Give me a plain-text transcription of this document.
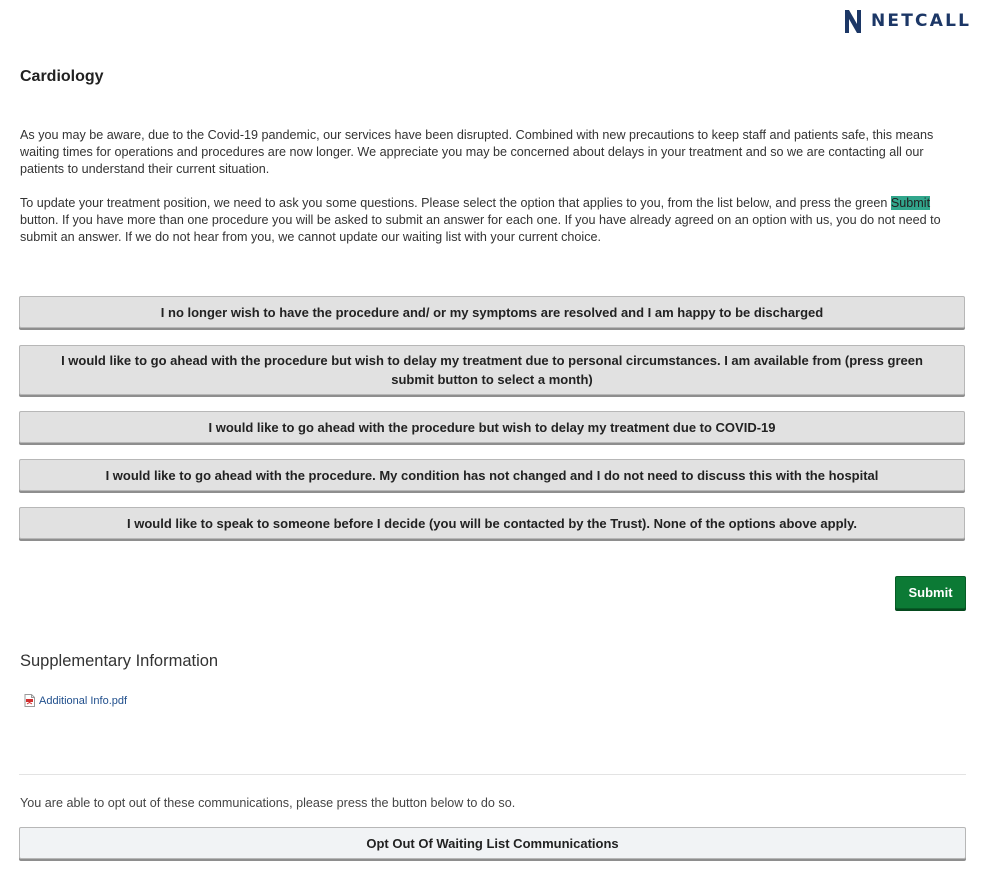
NETCALL
Cardiology
As you may be aware, due to the Covid-19 pandemic, our services have been disrupted. Combined with new precautions to keep staff and patients safe, this means waiting times for operations and procedures are now longer. We appreciate you may be concerned about delays in your treatment and so we are contacting all our patients to understand their current situation.
To update your treatment position, we need to ask you some questions. Please select the option that applies to you, from the list below, and press the green Submit button. If you have more than one procedure you will be asked to submit an answer for each one. If you have already agreed on an option with us, you do not need to submit an answer. If we do not hear from you, we cannot update our waiting list with your current choice.
I no longer wish to have the procedure and/ or my symptoms are resolved and I am happy to be discharged
I would like to go ahead with the procedure but wish to delay my treatment due to personal circumstances. I am available from (press green submit button to select a month)
I would like to go ahead with the procedure but wish to delay my treatment due to COVID-19
I would like to go ahead with the procedure. My condition has not changed and I do not need to discuss this with the hospital
I would like to speak to someone before I decide (you will be contacted by the Trust). None of the options above apply.
Submit
Supplementary Information
Additional Info.pdf
You are able to opt out of these communications, please press the button below to do so.
Opt Out Of Waiting List Communications
